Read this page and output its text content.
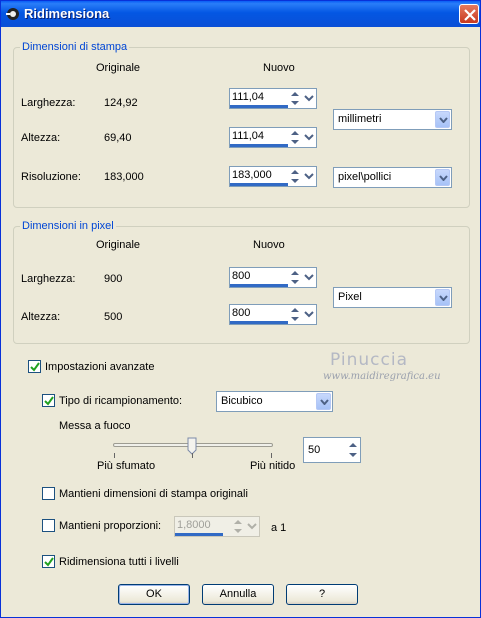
Ridimensiona
Dimensioni di stampa
Originale	Nuovo
Larghezza:	124,92	111,04
Altezza:	69,40	111,04
Risoluzione: 183,000	183,000
millimetri
pixel\pollici
Dimensioni in pixel
Originale	Nuovo
Larghezza:	900	800
Altezza:	500	800
Pixel
Pinuccia
www.maidiregrafica.eu
Impostazioni avanzate
Tipo di ricampionamento:	Bicubico
Messa a fuoco
Più sfumato	Più nitido
50
Mantieni dimensioni di stampa originali
Mantieni proporzioni: 1,8000	a 1
Ridimensiona tutti i livelli
OK	Annulla	?
